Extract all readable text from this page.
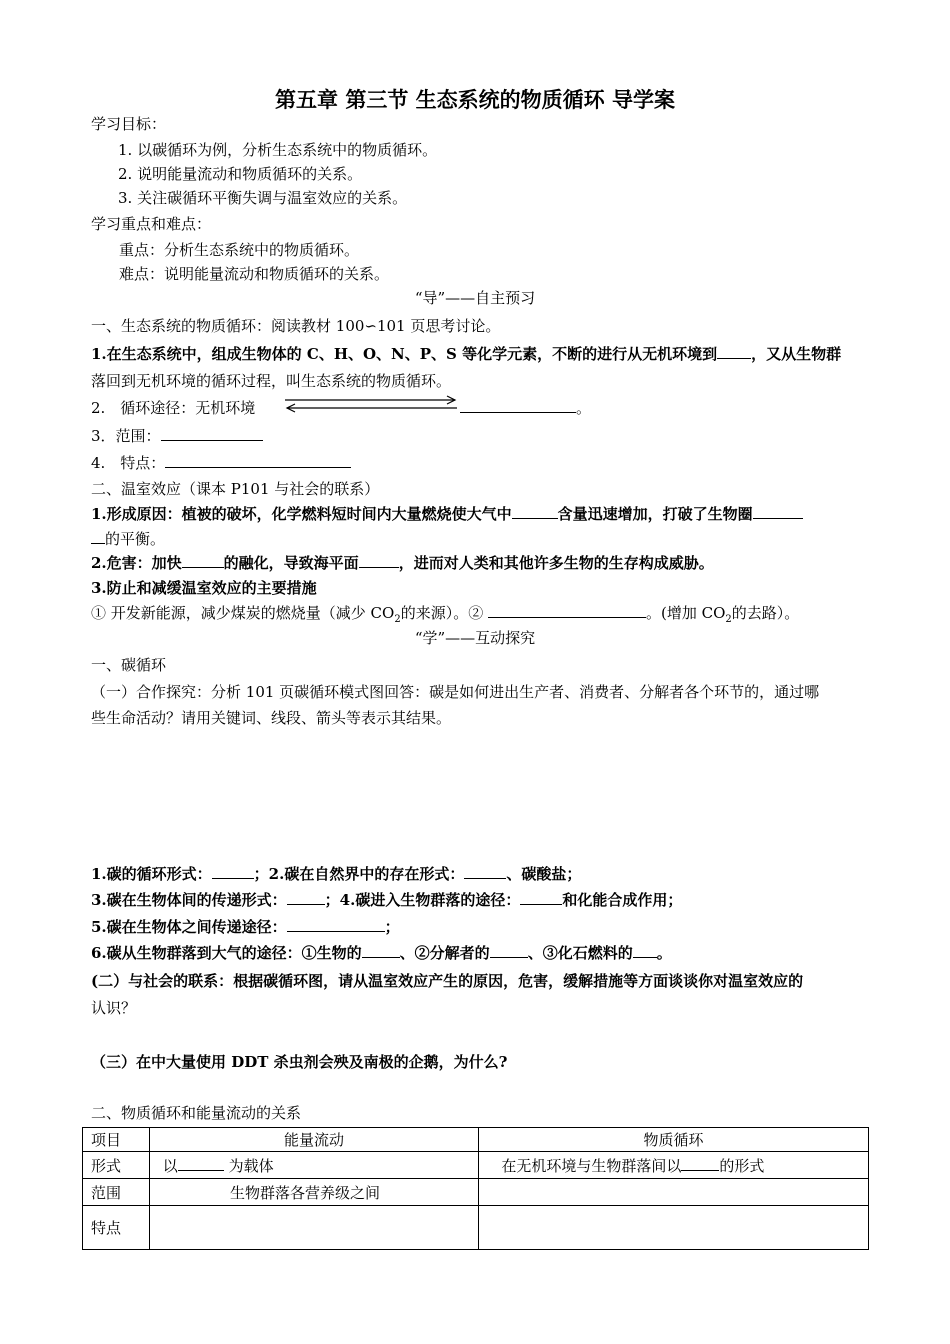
第五章 第三节 生态系统的物质循环 导学案
学习目标：
1. 以碳循环为例，分析生态系统中的物质循环。
2. 说明能量流动和物质循环的关系。
3. 关注碳循环平衡失调与温室效应的关系。
学习重点和难点：
重点：分析生态系统中的物质循环。
难点：说明能量流动和物质循环的关系。
“导”——自主预习
一、生态系统的物质循环：阅读教材 100∽101 页思考讨论。
1.在生态系统中，组成生物体的 C、H、O、N、P、S 等化学元素，不断的进行从无机环境到 ，又从生物群
落回到无机环境的循环过程，叫生态系统的物质循环。
2.　循环途径：无机环境	。
3．范围：
4.　特点：
二、温室效应（课本 P101 与社会的联系）
1.形成原因：植被的破坏，化学燃料短时间内大量燃烧使大气中	含量迅速增加，打破了生物圈
的平衡。
2.危害：加快	的融化，导致海平面	，进而对人类和其他许多生物的生存构成威胁。
3.防止和减缓温室效应的主要措施
① 开发新能源，减少煤炭的燃烧量（减少 $CO_2$的来源）。②	。(增加 $CO_2$的去路）。
“学”——互动探究
一、碳循环
（一）合作探究：分析 101 页碳循环模式图回答：碳是如何进出生产者、消费者、分解者各个环节的，通过哪
些生命活动？请用关键词、线段、箭头等表示其结果。
1.碳的循环形式：	；2.碳在自然界中的存在形式：	、碳酸盐；
3.碳在生物体间的传递形式：	；4.碳进入生物群落的途径：	和化能合成作用；
5.碳在生物体之间传递途径：	；
6.碳从生物群落到大气的途径：①生物的	、②分解者的	、③化石燃料的 。
(二）与社会的联系：根据碳循环图，请从温室效应产生的原因，危害，缓解措施等方面谈谈你对温室效应的
认识？
（三）在中大量使用 DDT 杀虫剂会殃及南极的企鹅，为什么?
二、物质循环和能量流动的关系
项目	能量流动	物质循环
形式	以 为载体	在无机环境与生物群落间以 的形式
范围	生物群落各营养级之间	
特点		
